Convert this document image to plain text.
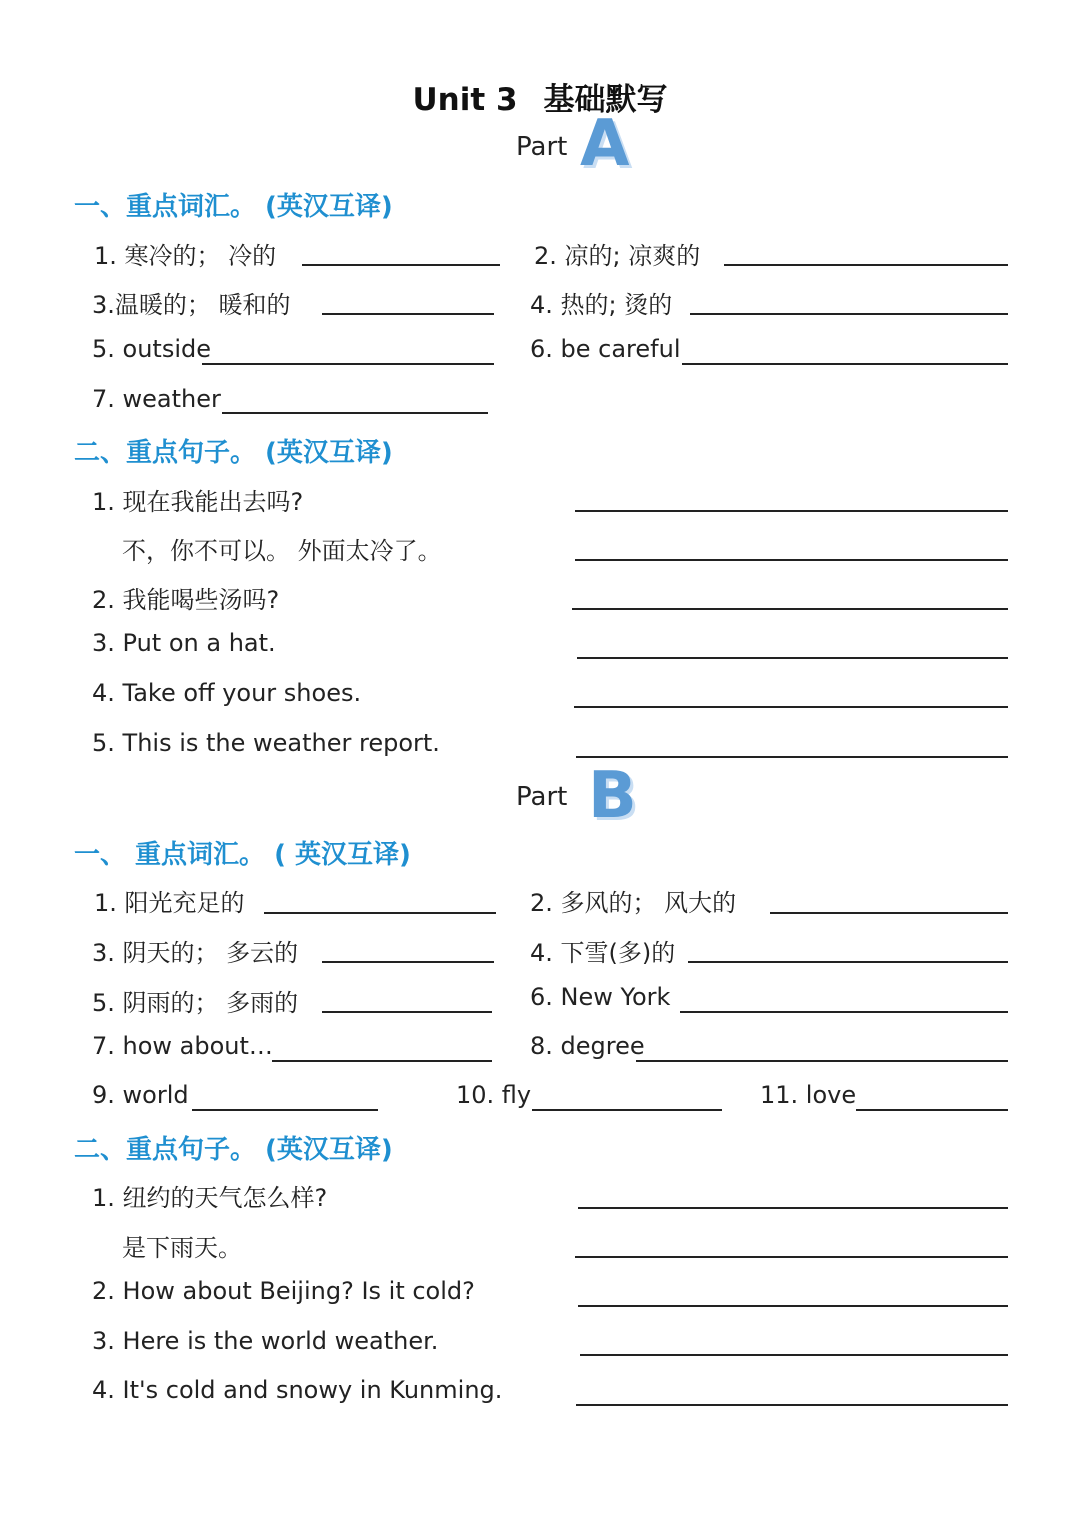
Unit 3 基础默写
Part A
一、重点词汇。 (英汉互译)
1. 寒冷的； 冷的	2. 凉的; 凉爽的
3.温暖的； 暖和的	4. 热的; 烫的
5. outside	6. be careful
7. weather
二、重点句子。 (英汉互译)
1. 现在我能出去吗?
不，你不可以。 外面太冷了。
2. 我能喝些汤吗?
3. Put on a hat.
4. Take off your shoes.
5. This is the weather report.
Part B
一、 重点词汇。 ( 英汉互译)
1. 阳光充足的	2. 多风的； 风大的
3. 阴天的； 多云的	4. 下雪(多)的
5. 阴雨的； 多雨的	6. New York
7. how about…	8. degree
9. world	10. fly	11. love
二、重点句子。 (英汉互译)
1. 纽约的天气怎么样?
是下雨天。
2. How about Beijing? Is it cold?
3. Here is the world weather.
4. It's cold and snowy in Kunming.
